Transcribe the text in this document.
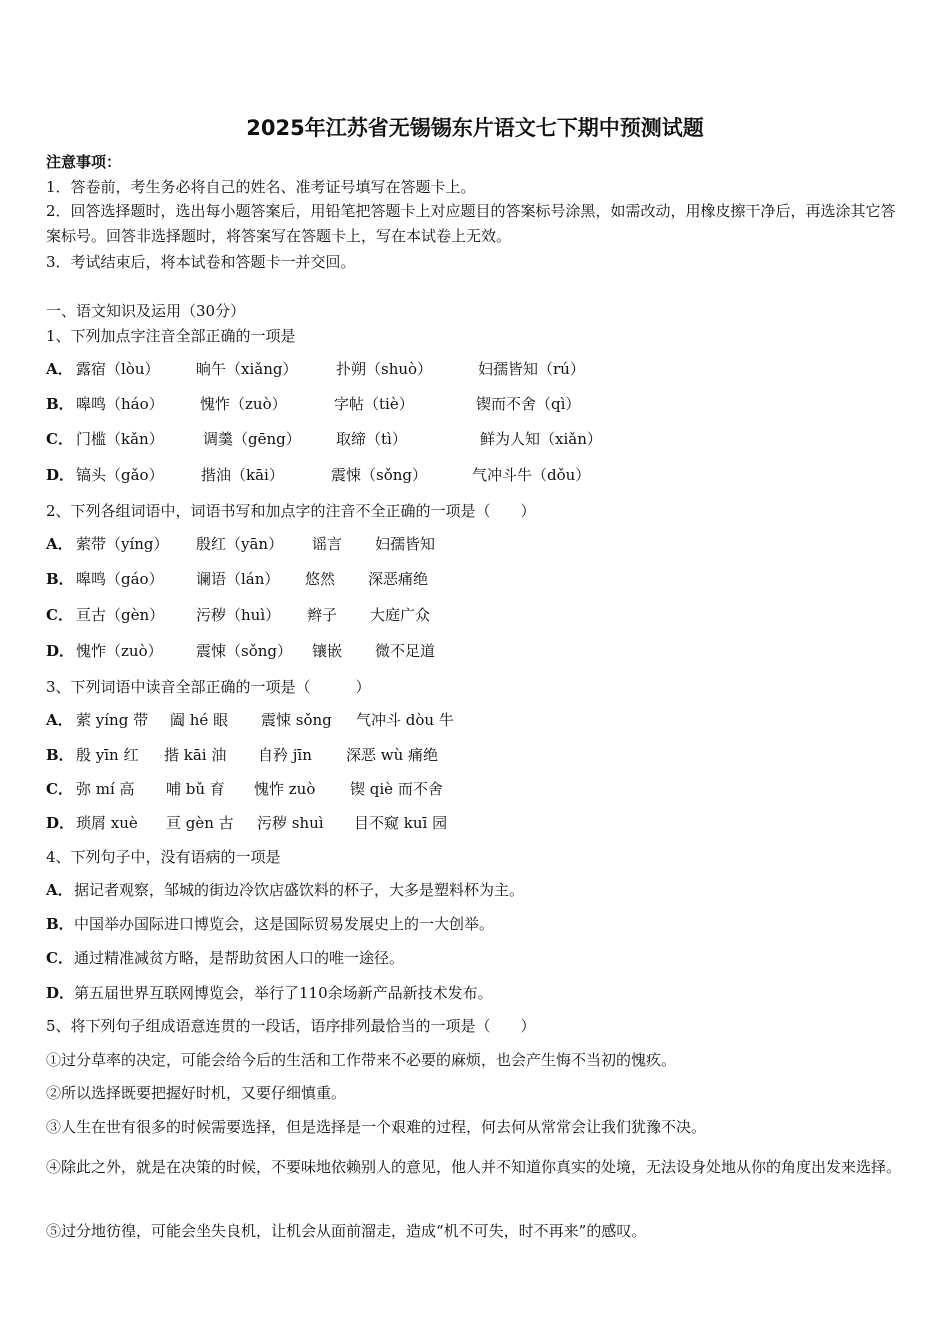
2025年江苏省无锡锡东片语文七下期中预测试题
注意事项：
1．答卷前，考生务必将自己的姓名、准考证号填写在答题卡上。
2．回答选择题时，选出每小题答案后，用铅笔把答题卡上对应题目的答案标号涂黑，如需改动，用橡皮擦干净后，再选涂其它答案标号。回答非选择题时，将答案写在答题卡上，写在本试卷上无效。
3．考试结束后，将本试卷和答题卡一并交回。
一、语文知识及运用（30分）
1、下列加点字注音全部正确的一项是
A． 露宿（lòu） 晌午（xiǎng）	扑朔（shuò）	妇孺皆知（rú）
B． 嗥鸣（háo） 愧怍（zuò）	字帖（tiè）	锲而不舍（qì）
C． 门槛（kǎn）	调羹（gēng） 取缔（tì）	鲜为人知（xiǎn）
D． 镐头（gǎo） 揩油（kāi）	震悚（sǒng）	气冲斗牛（dǒu）
2、下列各组词语中，词语书写和加点字的注音不全正确的一项是（　　）
A． 萦带（yíng） 殷红（yān） 谣言 妇孺皆知
B． 嗥鸣（gáo） 谰语（lán） 悠然 深恶痛绝
C． 亘古（gèn） 污秽（huì） 辫子 大庭广众
D． 愧怍（zuò） 震悚（sǒng） 镶嵌 微不足道
3、下列词语中读音全部正确的一项是（　　　）
A． 萦 yíng 带 阖 hé 眼 震悚 sǒng 气冲斗 dòu 牛
B． 殷 yīn 红 揩 kāi 油 自矜 jīn 深恶 wù 痛绝
C． 弥 mí 高 哺 bǔ 育 愧怍 zuò 锲 qiè 而不舍
D． 琐屑 xuè 亘 gèn 古 污秽 shuì 目不窥 kuī 园
4、下列句子中，没有语病的一项是
A．据记者观察，邹城的街边冷饮店盛饮料的杯子，大多是塑料杯为主。
B．中国举办国际进口博览会，这是国际贸易发展史上的一大创举。
C．通过精准减贫方略，是帮助贫困人口的唯一途径。
D．第五届世界互联网博览会，举行了110余场新产品新技术发布。
5、将下列句子组成语意连贯的一段话，语序排列最恰当的一项是（　　）
①过分草率的决定，可能会给今后的生活和工作带来不必要的麻烦，也会产生悔不当初的愧疚。
②所以选择既要把握好时机，又要仔细慎重。
③人生在世有很多的时候需要选择，但是选择是一个艰难的过程，何去何从常常会让我们犹豫不决。
④除此之外，就是在决策的时候，不要味地依赖别人的意见，他人并不知道你真实的处境，无法设身处地从你的角度出发来选择。
⑤过分地彷徨，可能会坐失良机，让机会从面前溜走，造成“机不可失，时不再来”的感叹。
